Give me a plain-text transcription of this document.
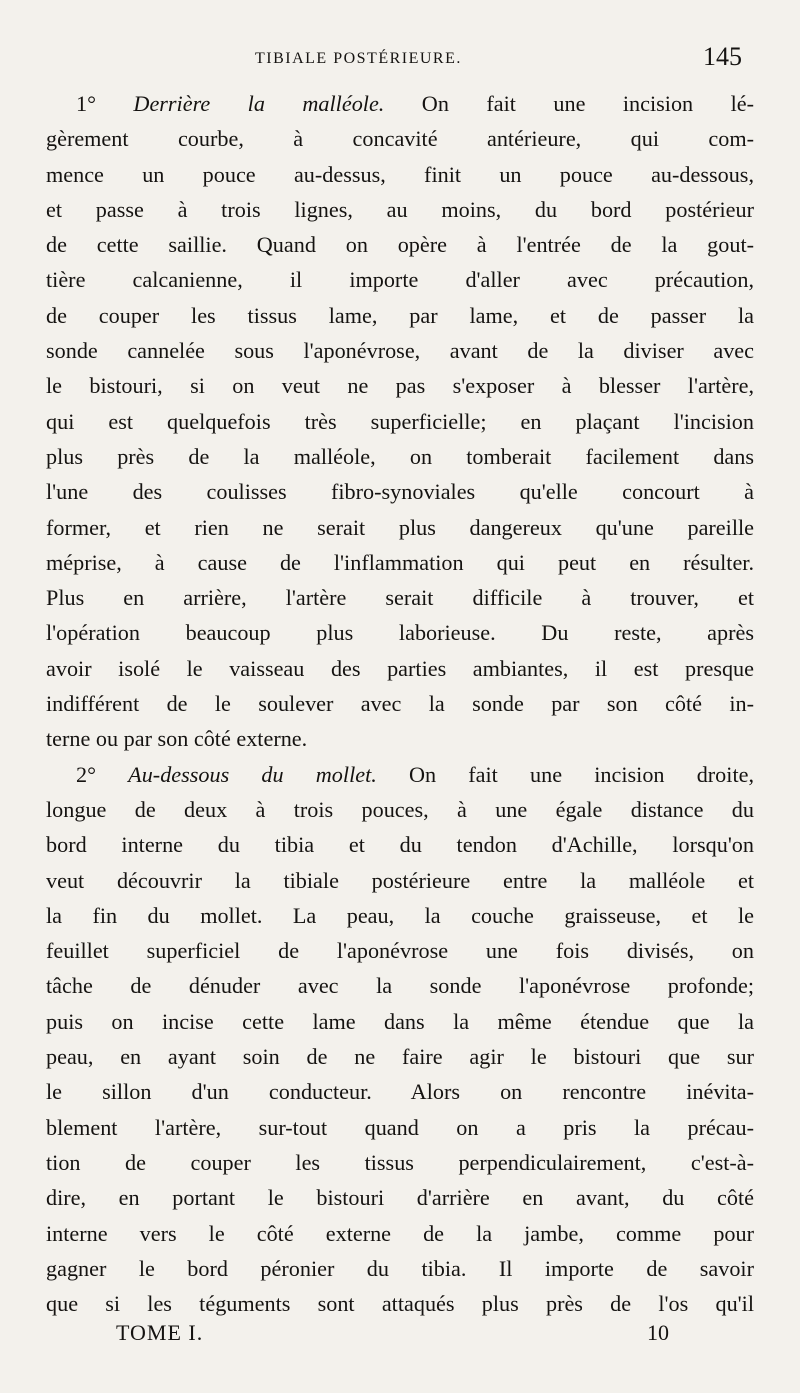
TIBIALE POSTÉRIEURE.	145
1° Derrière la malléole. On fait une incision lé-
gèrement courbe, à concavité antérieure, qui com-
mence un pouce au-dessus, finit un pouce au-dessous,
et passe à trois lignes, au moins, du bord postérieur
de cette saillie. Quand on opère à l'entrée de la gout-
tière calcanienne, il importe d'aller avec précaution,
de couper les tissus lame, par lame, et de passer la
sonde cannelée sous l'aponévrose, avant de la diviser avec
le bistouri, si on veut ne pas s'exposer à blesser l'artère,
qui est quelquefois très superficielle; en plaçant l'incision
plus près de la malléole, on tomberait facilement dans
l'une des coulisses fibro-synoviales qu'elle concourt à
former, et rien ne serait plus dangereux qu'une pareille
méprise, à cause de l'inflammation qui peut en résulter.
Plus en arrière, l'artère serait difficile à trouver, et
l'opération beaucoup plus laborieuse. Du reste, après
avoir isolé le vaisseau des parties ambiantes, il est presque
indifférent de le soulever avec la sonde par son côté in-
terne ou par son côté externe.
2° Au-dessous du mollet. On fait une incision droite,
longue de deux à trois pouces, à une égale distance du
bord interne du tibia et du tendon d'Achille, lorsqu'on
veut découvrir la tibiale postérieure entre la malléole et
la fin du mollet. La peau, la couche graisseuse, et le
feuillet superficiel de l'aponévrose une fois divisés, on
tâche de dénuder avec la sonde l'aponévrose profonde;
puis on incise cette lame dans la même étendue que la
peau, en ayant soin de ne faire agir le bistouri que sur
le sillon d'un conducteur. Alors on rencontre inévita-
blement l'artère, sur-tout quand on a pris la précau-
tion de couper les tissus perpendiculairement, c'est-à-
dire, en portant le bistouri d'arrière en avant, du côté
interne vers le côté externe de la jambe, comme pour
gagner le bord péronier du tibia. Il importe de savoir
que si les téguments sont attaqués plus près de l'os qu'il
TOME I.	10
